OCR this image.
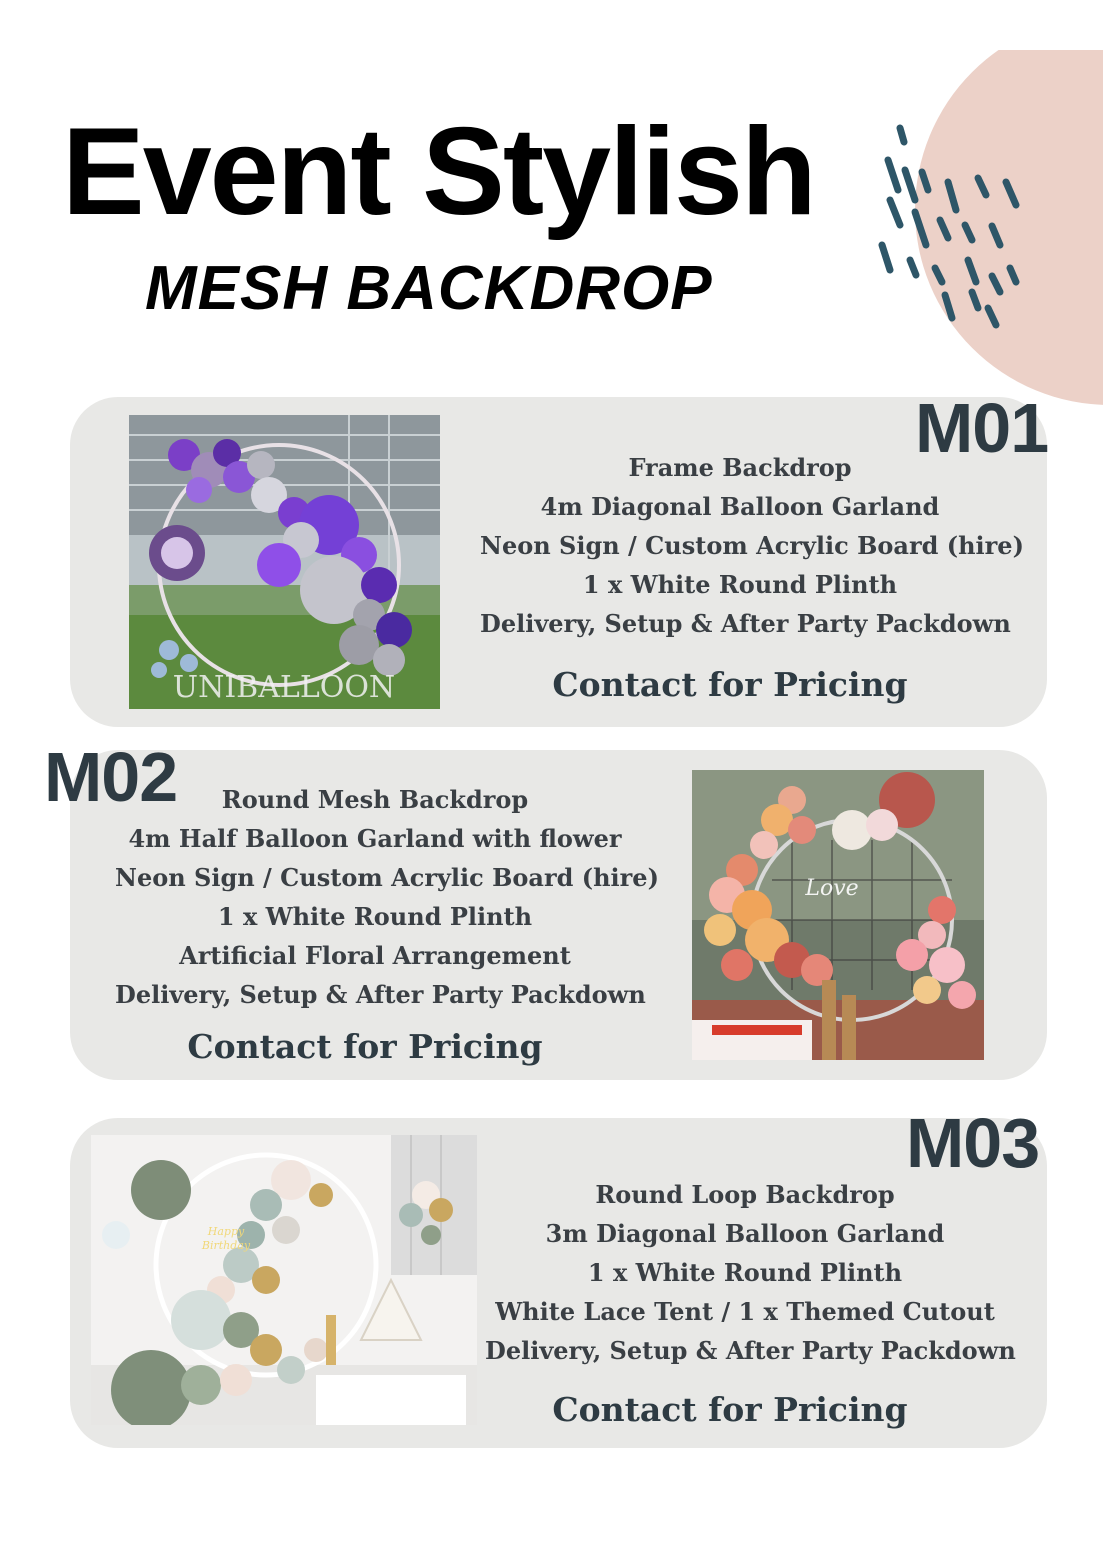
Event Stylish
MESH BACKDROP
UNIBALLOON
M01
Frame Backdrop
4m Diagonal Balloon Garland
Neon Sign / Custom Acrylic Board (hire)
1 x White Round Plinth
Delivery, Setup & After Party Packdown
Contact for Pricing
M02	Round Mesh Backdrop
4m Half Balloon Garland with flower
Neon Sign / Custom Acrylic Board (hire)
1 x White Round Plinth
Artificial Floral Arrangement
Delivery, Setup & After Party Packdown
Contact for Pricing
Love
Happy
Birthday
M03
Round Loop Backdrop
3m Diagonal Balloon Garland
1 x White Round Plinth
White Lace Tent / 1 x Themed Cutout
Delivery, Setup & After Party Packdown
Contact for Pricing
